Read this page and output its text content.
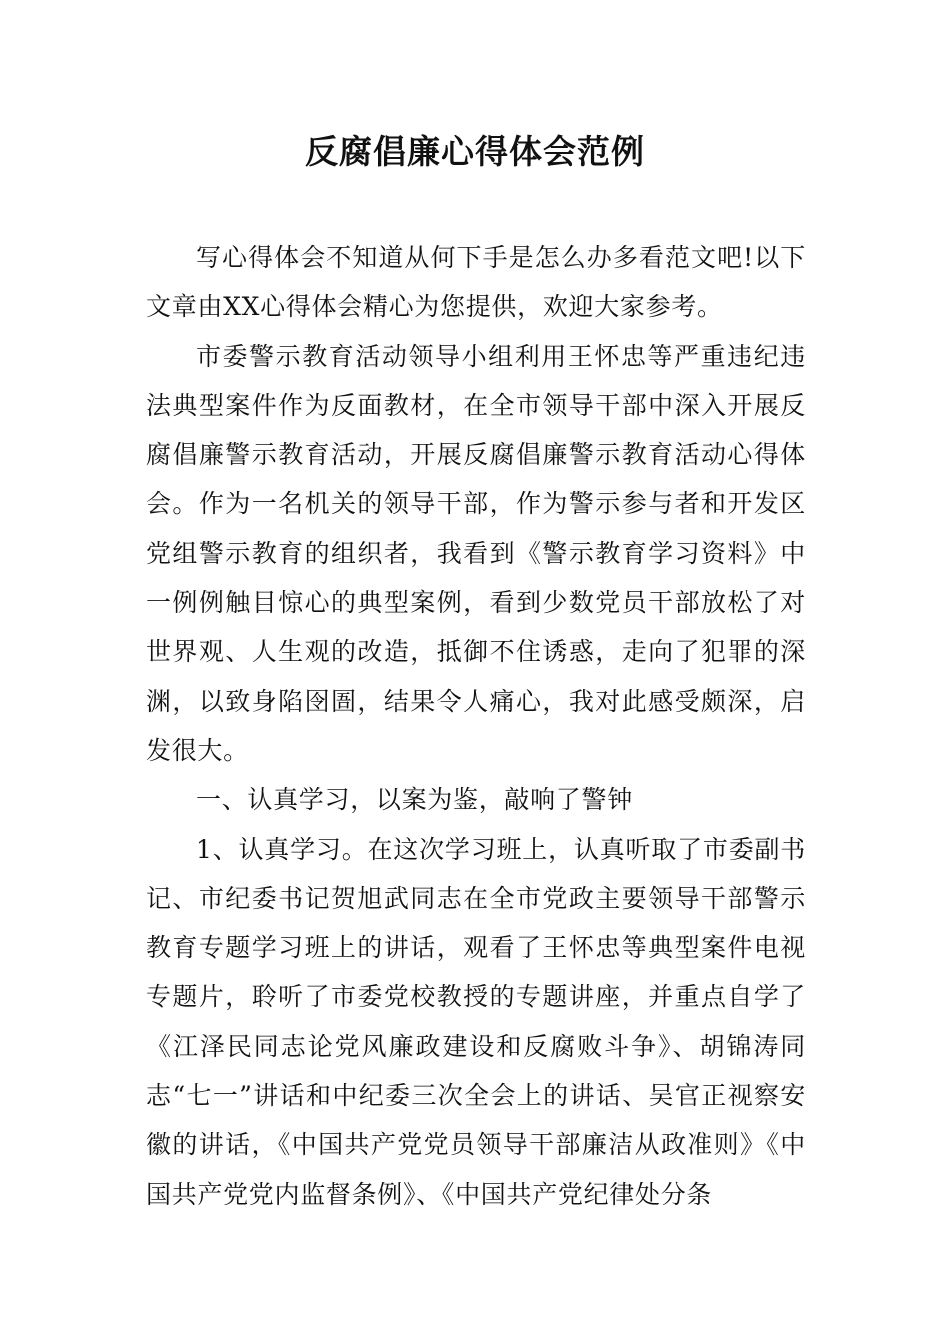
反腐倡廉心得体会范例

写心得体会不知道从何下手是怎么办多看范文吧!以下文章由XX心得体会精心为您提供，欢迎大家参考。

市委警示教育活动领导小组利用王怀忠等严重违纪违法典型案件作为反面教材，在全市领导干部中深入开展反腐倡廉警示教育活动，开展反腐倡廉警示教育活动心得体会。作为一名机关的领导干部，作为警示参与者和开发区党组警示教育的组织者，我看到《警示教育学习资料》中一例例触目惊心的典型案例，看到少数党员干部放松了对世界观、人生观的改造，抵御不住诱惑，走向了犯罪的深渊，以致身陷囹圄，结果令人痛心，我对此感受颇深，启发很大。

一、认真学习，以案为鉴，敲响了警钟

1、认真学习。在这次学习班上，认真听取了市委副书记、市纪委书记贺旭武同志在全市党政主要领导干部警示教育专题学习班上的讲话，观看了王怀忠等典型案件电视专题片，聆听了市委党校教授的专题讲座，并重点自学了《江泽民同志论党风廉政建设和反腐败斗争》、胡锦涛同志“七一”讲话和中纪委三次全会上的讲话、吴官正视察安徽的讲话，《中国共产党党员领导干部廉洁从政准则》《中国共产党党内监督条例》、《中国共产党纪律处分条
